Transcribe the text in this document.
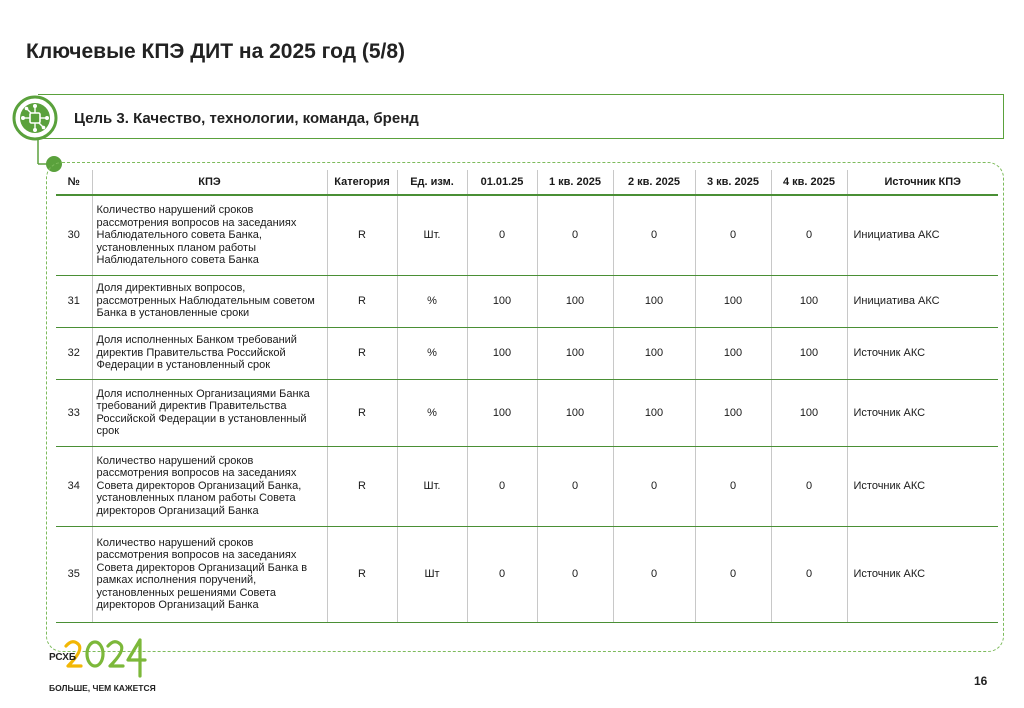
Ключевые КПЭ ДИТ на 2025 год (5/8)
Цель 3. Качество, технологии, команда, бренд
№	КПЭ	Категория	Ед. изм.	01.01.25	1 кв. 2025	2 кв. 2025	3 кв. 2025	4 кв. 2025	Источник КПЭ
30	Количество нарушений сроков рассмотрения вопросов на заседаниях Наблюдательного совета Банка, установленных планом работы Наблюдательного совета Банка	R	Шт.	0	0	0	0	0	Инициатива АКС
31	Доля директивных вопросов, рассмотренных Наблюдательным советом Банка в установленные сроки	R	%	100	100	100	100	100	Инициатива АКС
32	Доля исполненных Банком требований директив Правительства Российской Федерации в установленный срок	R	%	100	100	100	100	100	Источник АКС
33	Доля исполненных Организациями Банка требований директив Правительства Российской Федерации в установленный срок	R	%	100	100	100	100	100	Источник АКС
34	Количество нарушений сроков рассмотрения вопросов на заседаниях Совета директоров Организаций Банка, установленных планом работы Совета директоров Организаций Банка	R	Шт.	0	0	0	0	0	Источник АКС
35	Количество нарушений сроков рассмотрения вопросов на заседаниях Совета директоров Организаций Банка в рамках исполнения поручений, установленных решениями Совета директоров Организаций Банка	R	Шт	0	0	0	0	0	Источник АКС
РСХБ
БОЛЬШЕ, ЧЕМ КАЖЕТСЯ	16
